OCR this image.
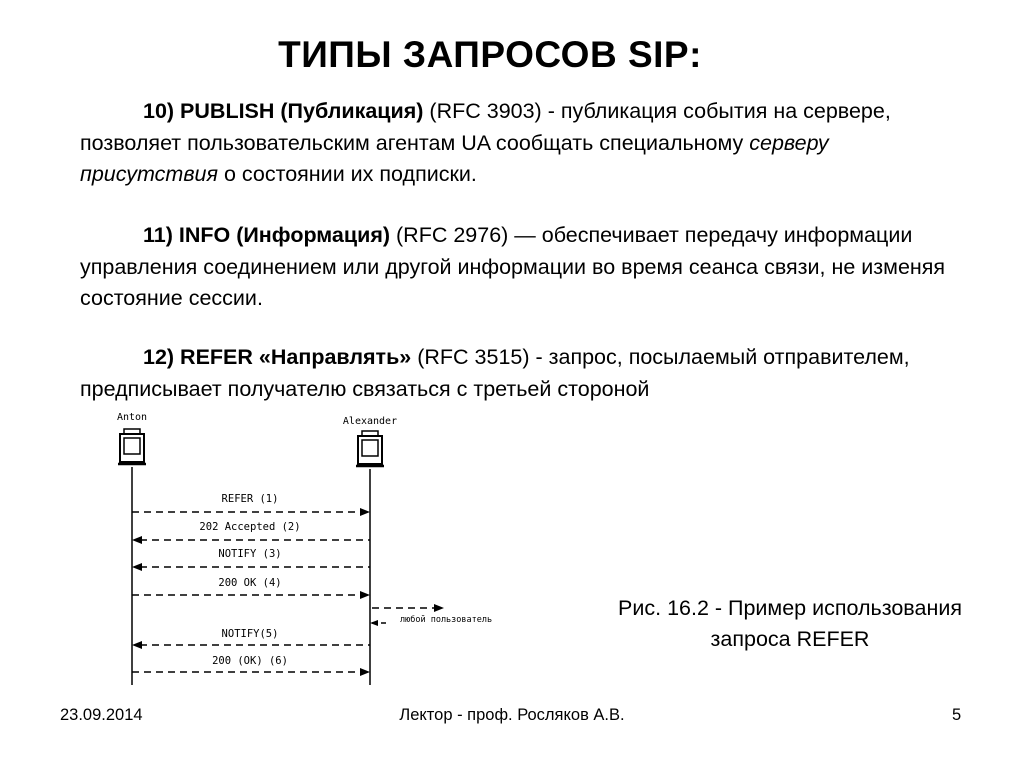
ТИПЫ ЗАПРОСОВ SIP:
10) PUBLISH (Публикация) (RFC 3903) - публикация события на сервере, позволяет пользовательским агентам UA сообщать специальному серверу присутствия о состоянии их подписки.
11) INFO (Информация) (RFC 2976) — обеспечивает передачу информации управления соединением или другой информации во время сеанса связи, не изменяя состояние сессии.
12) REFER «Направлять» (RFC 3515) - запрос, посылаемый отправителем, предписывает получателю связаться с третьей стороной
Anton	Alexander
REFER (1)
202 Accepted (2)
NOTIFY (3)
200 OK (4)
любой пользователь
NOTIFY(5)
200 (OK) (6)
Рис. 16.2 - Пример использования
запроса REFER
23.09.2014	Лектор - проф. Росляков А.В.	5
